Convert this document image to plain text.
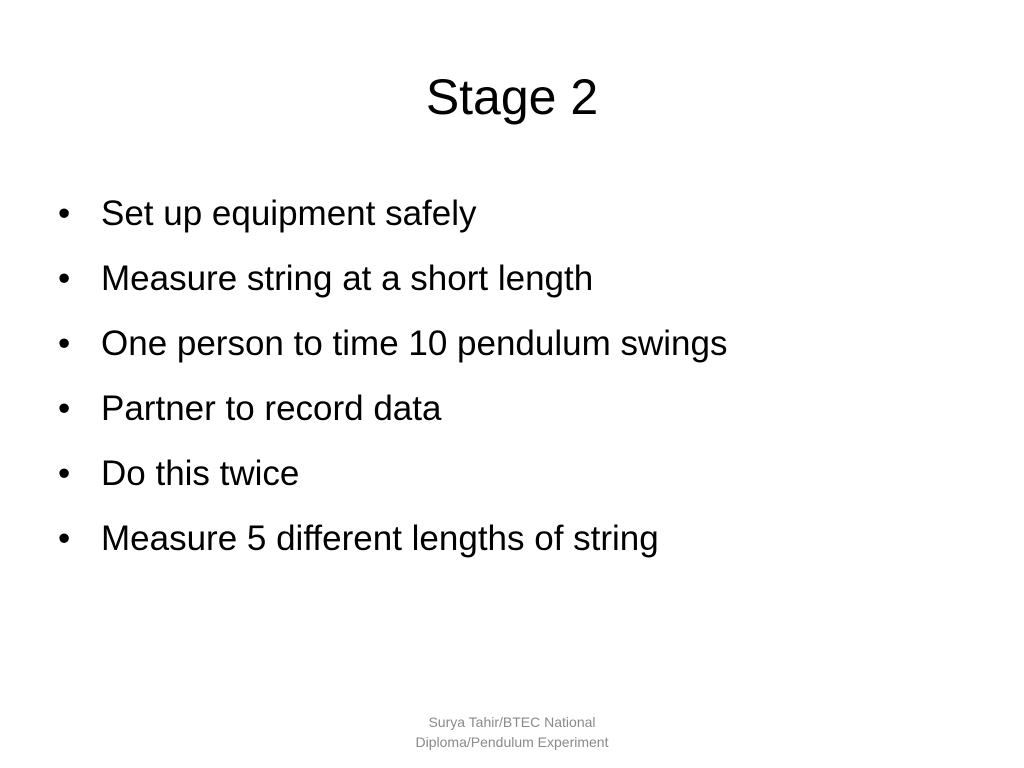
Stage 2
• Set up equipment safely
• Measure string at a short length
• One person to time 10 pendulum swings
• Partner to record data
• Do this twice
• Measure 5 different lengths of string
Surya Tahir/BTEC National
Diploma/Pendulum Experiment
